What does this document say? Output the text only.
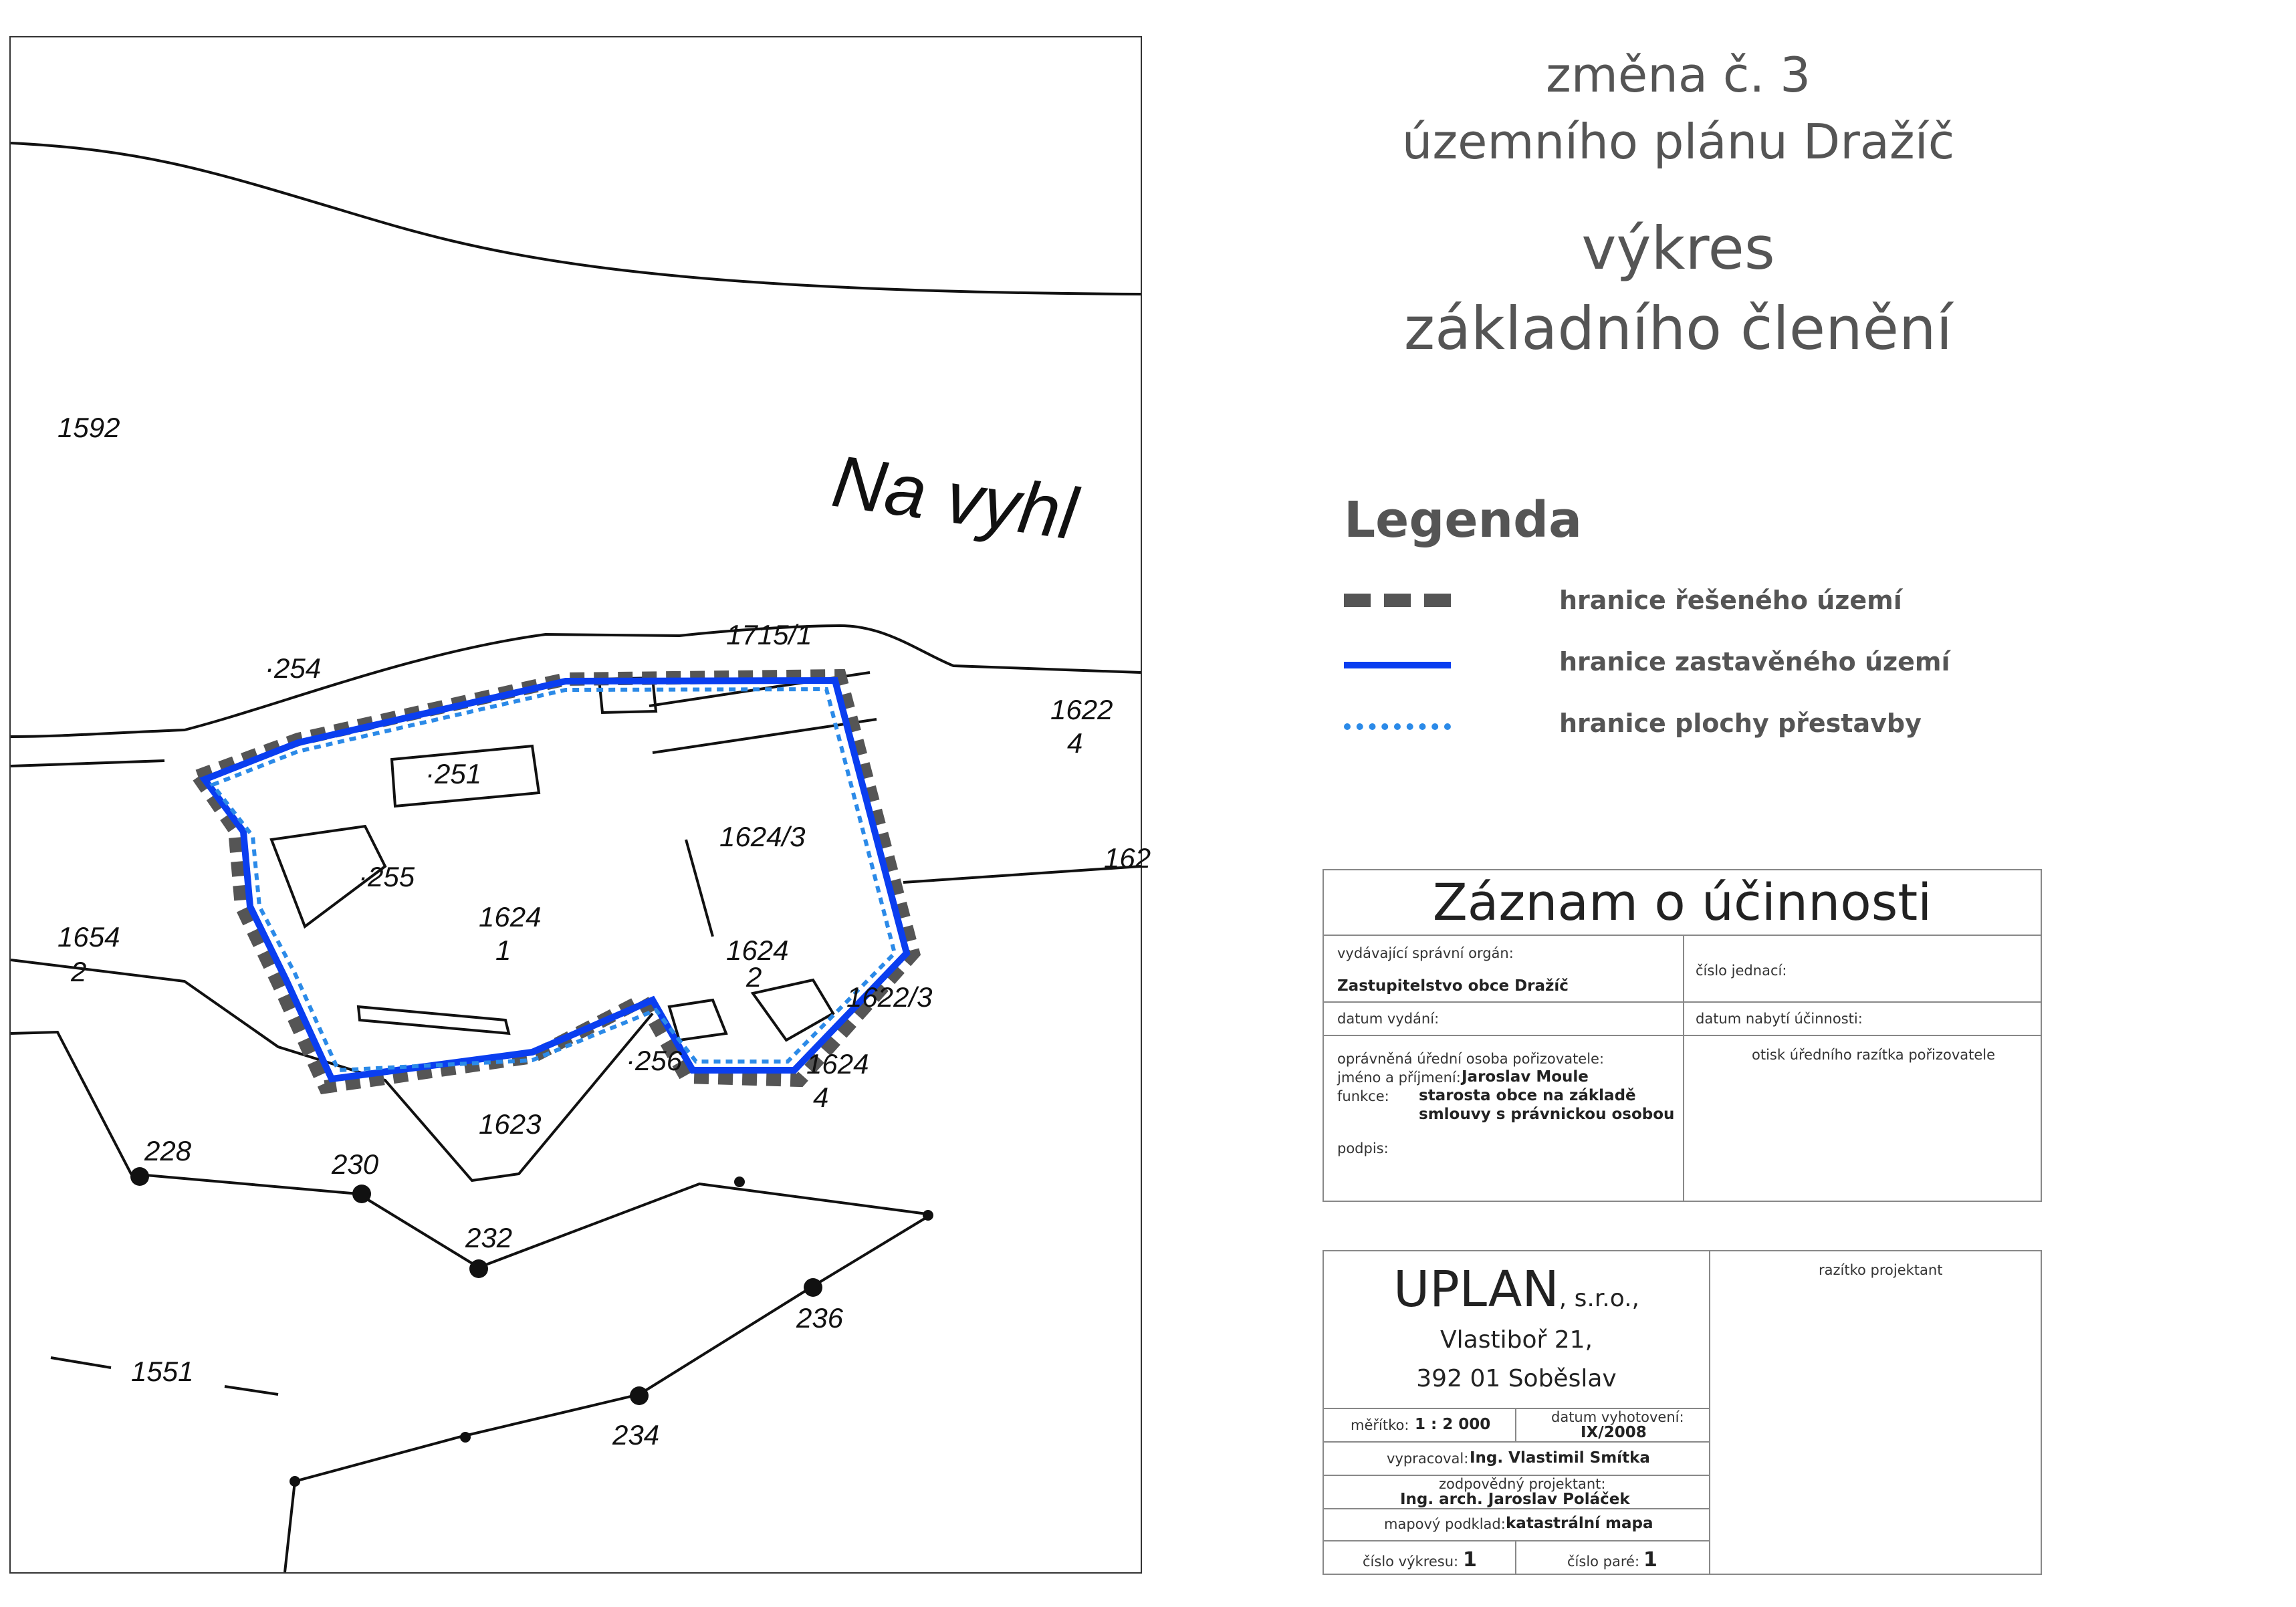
1592
1715/1
·254
1622
4
·251
1624/3
162
·255
1654
2
1624
1	1624
2
1622/3
1624
4
·256
1623
228	230
232
236
1551
234
Na vyhl
změna č. 3
územního plánu Dražíč
výkres
základního členění
Legenda
hranice řešeného území
hranice zastavěného území
hranice plochy přestavby
Záznam o účinnosti
vydávající správní orgán:
Zastupitelstvo obce Dražíč
číslo jednací:
datum vydání:	datum nabytí účinnosti:
oprávněná úřední osoba pořizovatele:
jméno a příjmení: Jaroslav Moule
funkce: starosta obce na základě
smlouvy s právnickou osobou
podpis:
otisk úředního razítka pořizovatele
UPLAN, s.r.o.,
Vlastiboř 21,
392 01 Soběslav
razítko projektant
měřítko: 1 : 2 000	datum vyhotovení:
IX/2008
vypracoval: Ing. Vlastimil Smítka
zodpovědný projektant:
Ing. arch. Jaroslav Poláček
mapový podklad: katastrální mapa
číslo výkresu: 1	číslo paré: 1
